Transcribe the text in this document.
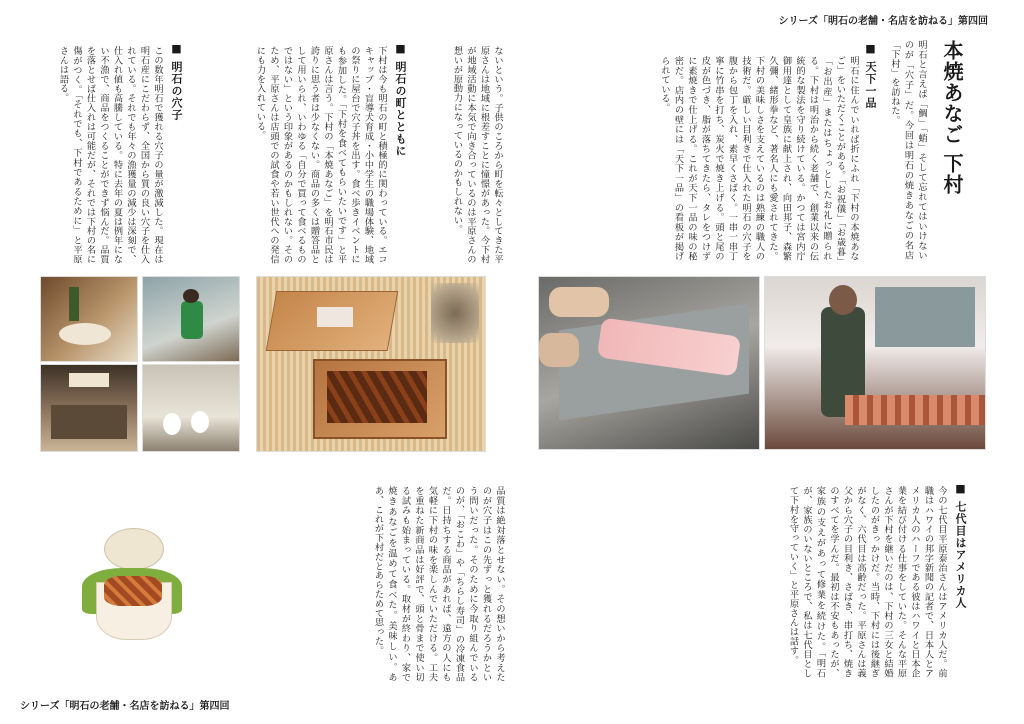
シリーズ「明石の老舗・名店を訪ねる」第四回
シリーズ「明石の老舗・名店を訪ねる」第四回
本焼あなご 下村
明石と言えば「鯛」「蛸」そして忘れてはいけないのが「穴子」だ。今回は明石の焼きあなごの名店「下村」を訪ねた。
■ 天下一品
明石に住んでいれば折にふれ「下村の本焼あなご」をいただくことがある。「お祝儀」「お歳暮」「お出産」またはちょっとしたお礼に贈られる。下村は明治から続く老舗で、創業以来の伝統的な製法を守り続けている。かつては宮内庁御用達として皇族に献上され、向田邦子、森繁久彌、緒形拳など、著名人にも愛されてきた。下村の美味しさを支えているのは熟練の職人の技術だ。厳しい目利きで仕入れた明石の穴子を腹から包丁を入れ、素早くさばく。一串一串丁寧に竹串を打ち、炭火で焼き上げる。頭と尾の皮が色づき、脂が落ちてきたら、タレをつけずに素焼きで仕上げる。これが天下一品の味の秘密だ。店内の壁には「天下一品」の看板が掲げられている。
■ 七代目はアメリカ人
今の七代目平原泰治さんはアメリカ人だ。前職はハワイの邦字新聞の記者で、日本人とアメリカ人のハーフである彼はハワイと日本企業を結び付ける仕事をしていた。そんな平原さんが下村を継いだのは、下村の三女と結婚したのがきっかけだ。当時、下村には後継ぎがなく、六代目は高齢だった。平原さんは義父から穴子の目利き、さばき、串打ち、焼きのすべてを学んだ。最初は不安もあったが、家族の支えがあって修業を続けた。「明石が、家族のいないところで、私は七代目として下村を守っていく」と平原さんは話す。
■ 明石の町とともに
下村は今も明石の町と積極的に関わっている。エコキャップ・盲導犬育成・小中学生の職場体験、地域の祭りに屋台で穴子丼を出す。食べ歩きイベントにも参加した。「下村を食べてもらいたいです」と平原さんは言う。下村の「本焼あなご」を明石市民は誇りに思う者は少なくない。商品の多くは贈答品として用いられ、いわゆる「自分で買って食べるものではない」という印象があるのかもしれない。そのため、平原さんは店頭での試食や若い世代への発信にも力を入れている。	ないという。子供のころから町を転々としてきた平原さんは地域に根差すことに憧憬があった。今下村が地域活動に本気で向き合っているのは平原さんの想いが原動力になっているのかもしれない。
■ 明石の穴子
この数年明石で獲れる穴子の量が激減した。現在は明石産にこだわらず、全国から質の良い穴子を仕入れている。それでも年々の漁獲量の減少は深刻で、仕入れ値も高騰している。特に去年の夏は例年にない不漁で、商品をつくることができず悩んだ。品質を落とせば仕入れは可能だが、それでは下村の名に傷がつく。「それでも、下村であるために」と平原さんは語る。
品質は絶対落とせない。その想いから考えたのが穴子はこの先ずっと獲れるだろうかという問いだった。そのために今取り組んでいるのが、「おこわ」や「ちらし寿司」の冷凍食品だ。日持ちする商品があれば、遠方の人にも気軽に下村の味を楽しんでいただける。工夫を重ねた新商品は好評で、頭と骨まで使い切る試みも始まっている。取材が終わり、家で焼きあなごを温めて食べた。美味しい。ああ、これが下村だとあらためて思った。
